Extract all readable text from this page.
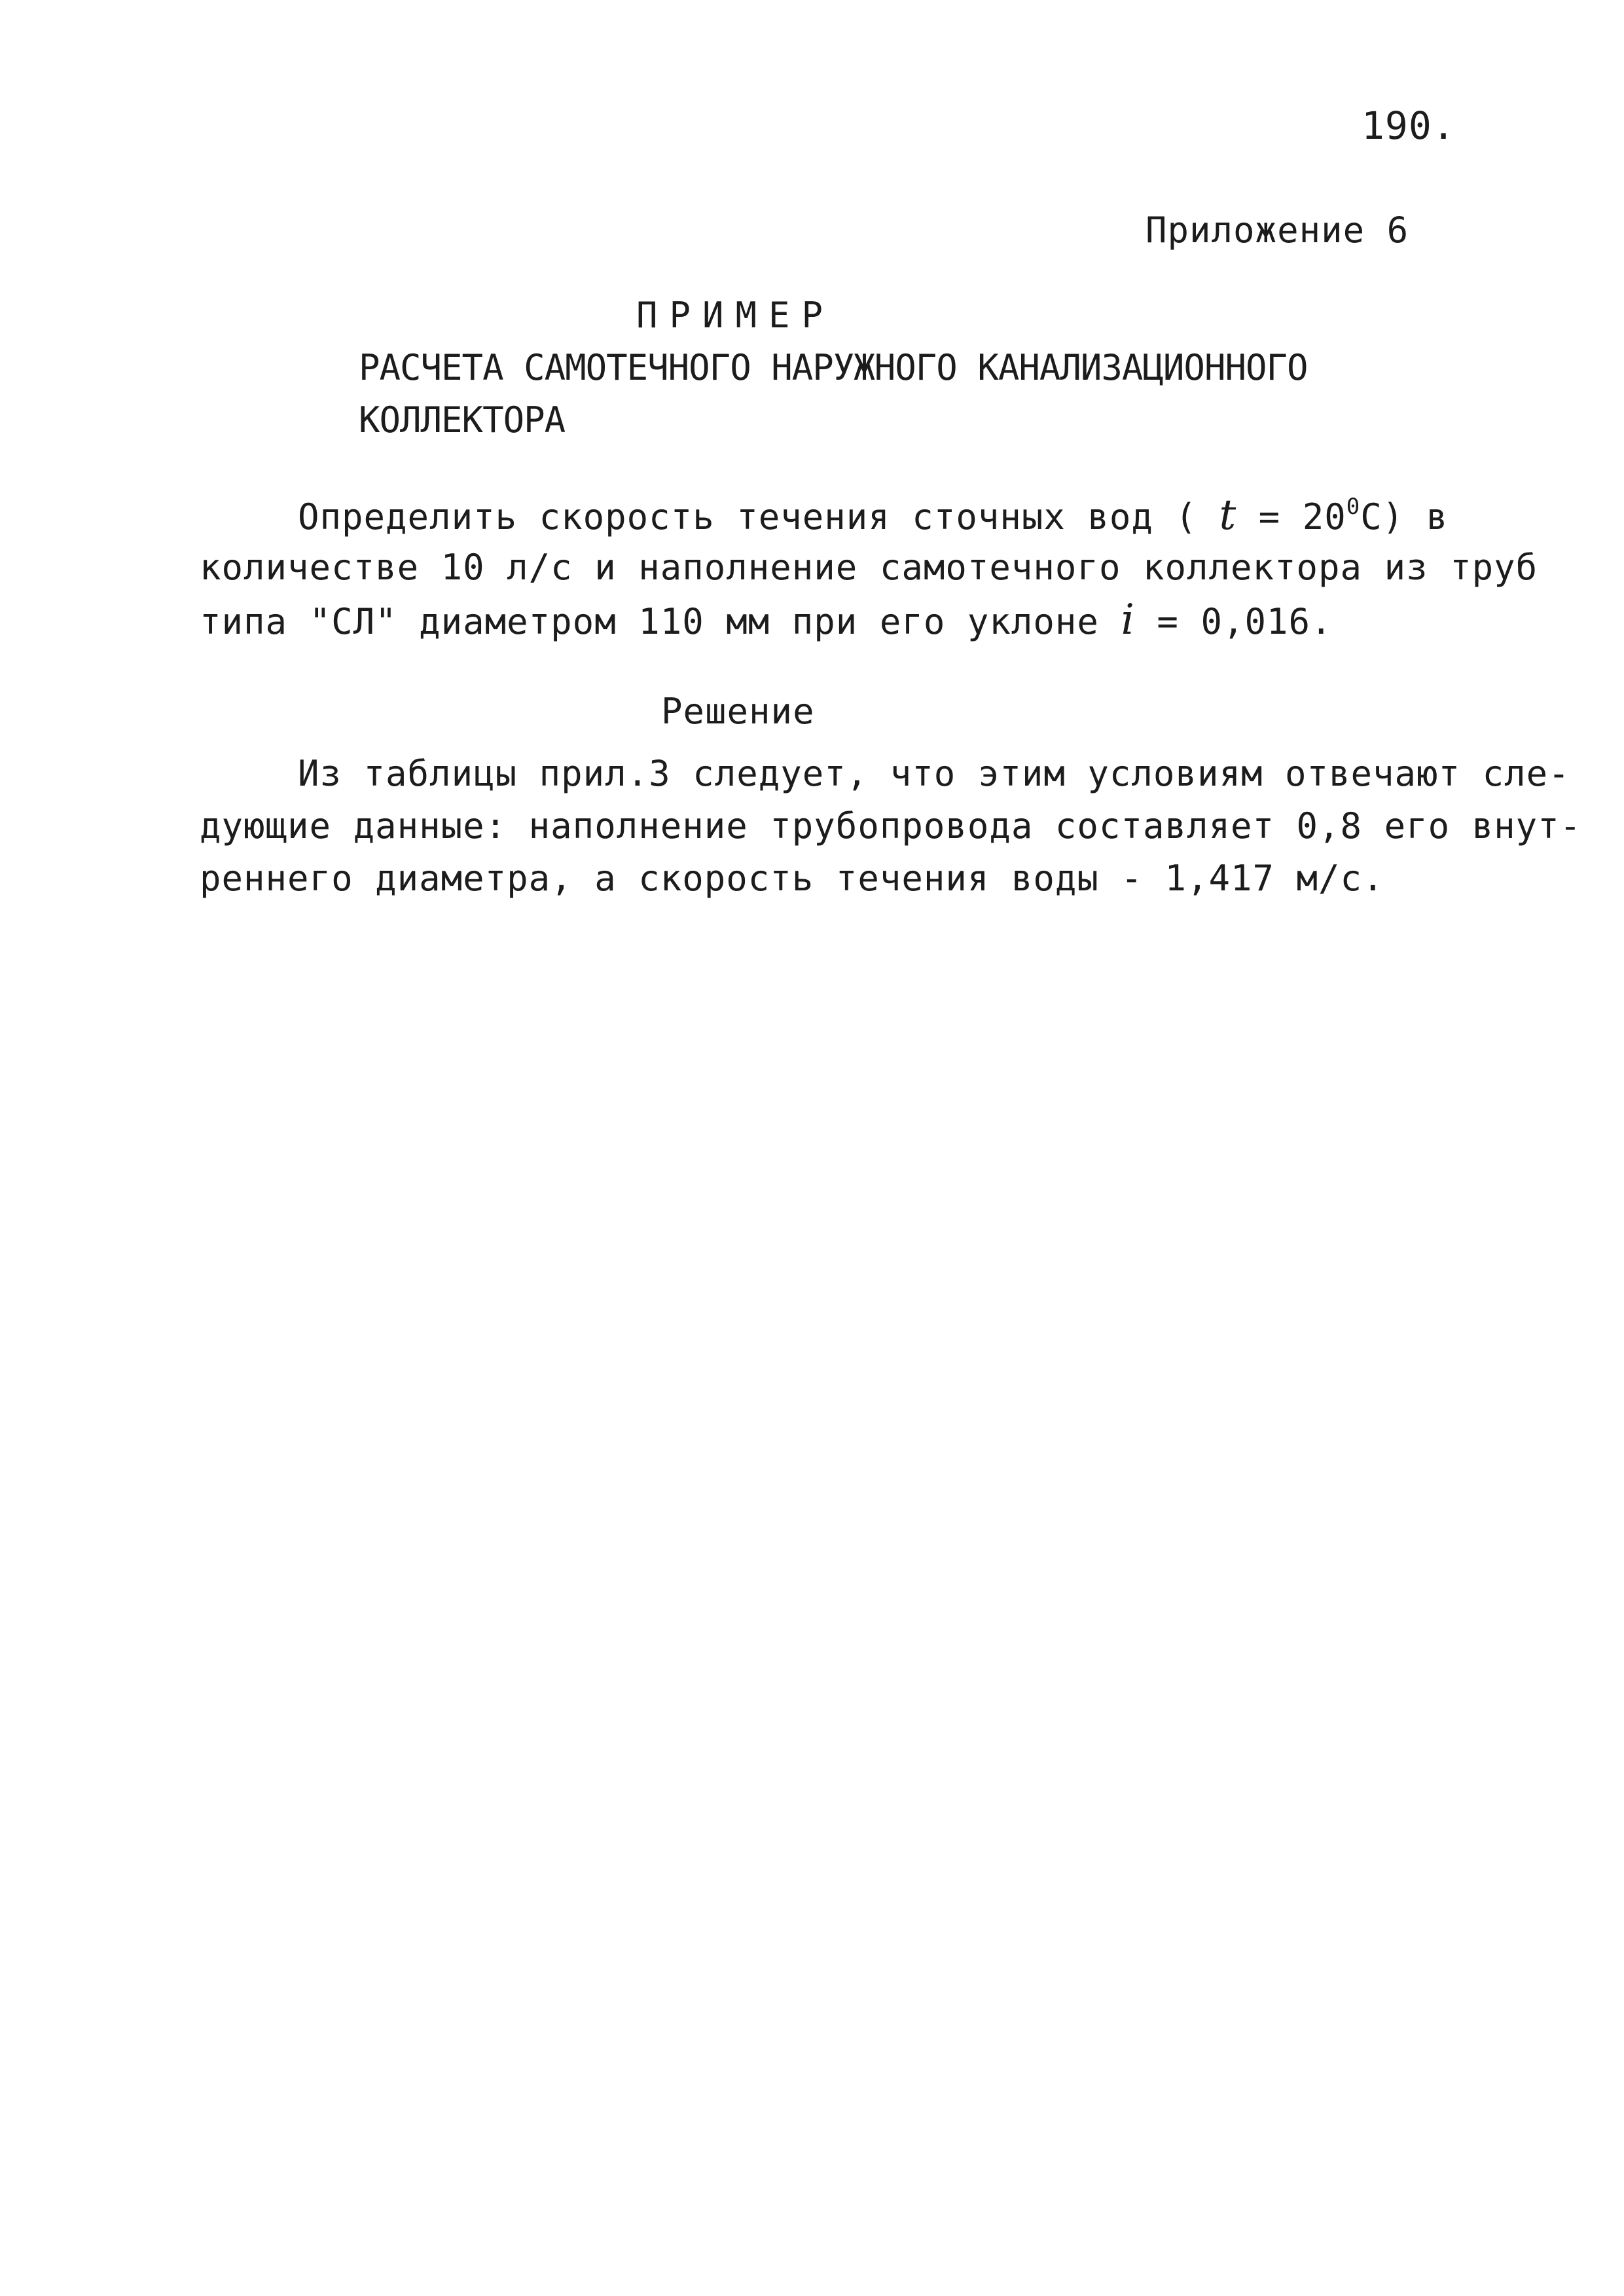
190.
Приложение 6
ПРИМЕР
РАСЧЕТА САМОТЕЧНОГО НАРУЖНОГО КАНАЛИЗАЦИОННОГО
КОЛЛЕКТОРА
Определить скорость течения сточных вод ( $t = 20^0С$) в
количестве 10 л/с и наполнение самотечного коллектора из труб
типа "СЛ" диаметром 110 мм при его уклоне i = 0,016.
Решение
Из таблицы прил.3 следует, что этим условиям отвечают сле-
дующие данные: наполнение трубопровода составляет 0,8 его внут-
реннего диаметра, а скорость течения воды - 1,417 м/с.
